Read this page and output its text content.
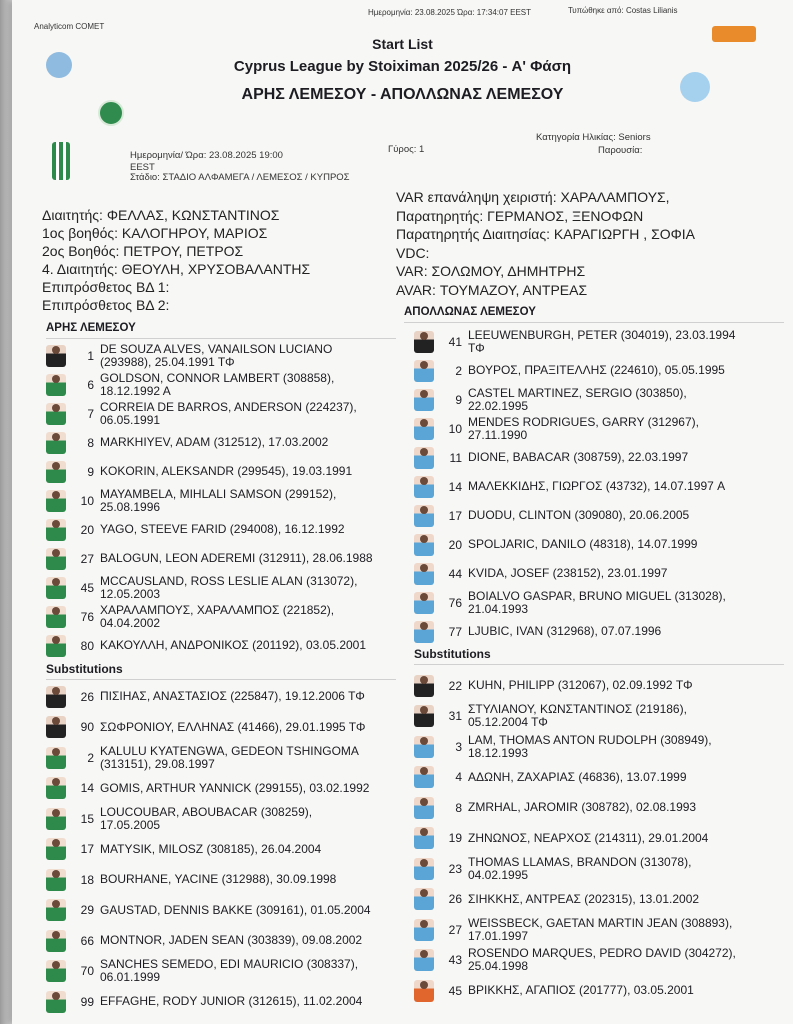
Analyticom COMET
Ημερομηνία: 23.08.2025 Ώρα: 17:34:07 EEST	Τυπώθηκε από: Costas Lilianis
Start List
Cyprus League by Stoiximan 2025/26 - Α' Φάση
ΑΡΗΣ ΛΕΜΕΣΟΥ - ΑΠΟΛΛΩΝΑΣ ΛΕΜΕΣΟΥ
Ημερομηνία/ Ώρα: 23.08.2025 19:00
EEST
Στάδιο: ΣΤΑΔΙΟ ΑΛΦΑΜΕΓΑ / ΛΕΜΕΣΟΣ / ΚΥΠΡΟΣ
Γύρος: 1
Κατηγορία Ηλικίας: Seniors
Παρουσία:
Διαιτητής: ΦΕΛΛΑΣ, ΚΩΝΣΤΑΝΤΙΝΟΣ
1ος βοηθός: ΚΑΛΟΓΗΡΟΥ, ΜΑΡΙΟΣ
2ος Βοηθός: ΠΕΤΡΟΥ, ΠΕΤΡΟΣ
4. Διαιτητής: ΘΕΟΥΛΗ, ΧΡΥΣΟΒΑΛΑΝΤΗΣ
Επιπρόσθετος ΒΔ 1:
Επιπρόσθετος ΒΔ 2:
VAR επανάληψη χειριστή: ΧΑΡΑΛΑΜΠΟΥΣ,
Παρατηρητής: ΓΕΡΜΑΝΟΣ, ΞΕΝΟΦΩΝ
Παρατηρητής Διαιτησίας: ΚΑΡΑΓΙΩΡΓΗ , ΣΟΦΙΑ
VDC:
VAR: ΣΟΛΩΜΟΥ, ΔΗΜΗΤΡΗΣ
AVAR: ΤΟΥΜΑΖΟΥ, ΑΝΤΡΕΑΣ
ΑΡΗΣ ΛΕΜΕΣΟΥ
ΑΠΟΛΛΩΝΑΣ ΛΕΜΕΣΟΥ
1 DE SOUZA ALVES, VANAILSON LUCIANO
(293988), 25.04.1991 ΤΦ
6 GOLDSON, CONNOR LAMBERT (308858),
18.12.1992 A
7 CORREIA DE BARROS, ANDERSON (224237),
06.05.1991
8 MARKHIYEV, ADAM (312512), 17.03.2002
9 KOKORIN, ALEKSANDR (299545), 19.03.1991
10 MAYAMBELA, MIHLALI SAMSON (299152),
25.08.1996
20 YAGO, STEEVE FARID (294008), 16.12.1992
27 BALOGUN, LEON ADEREMI (312911), 28.06.1988
45 MCCAUSLAND, ROSS LESLIE ALAN (313072),
12.05.2003
76 ΧΑΡΑΛΑΜΠΟΥΣ, ΧΑΡΑΛΑΜΠΟΣ (221852),
04.04.2002
80 ΚΑΚΟΥΛΛΗ, ΑΝΔΡΟΝΙΚΟΣ (201192), 03.05.2001
41 LEEUWENBURGH, PETER (304019), 23.03.1994
ΤΦ
2 ΒΟΥΡΟΣ, ΠΡΑΞΙΤΕΛΛΗΣ (224610), 05.05.1995
9 CASTEL MARTINEZ, SERGIO (303850),
22.02.1995
10 MENDES RODRIGUES, GARRY (312967),
27.11.1990
11 DIONE, BABACAR (308759), 22.03.1997
14 ΜΑΛΕΚΚΙΔΗΣ, ΓΙΩΡΓΟΣ (43732), 14.07.1997 A
17 DUODU, CLINTON (309080), 20.06.2005
20 SPOLJARIC, DANILO (48318), 14.07.1999
44 KVIDA, JOSEF (238152), 23.01.1997
76 BOIALVO GASPAR, BRUNO MIGUEL (313028),
21.04.1993
77 LJUBIC, IVAN (312968), 07.07.1996
Substitutions
Substitutions
26 ΠΙΣΙΗΑΣ, ΑΝΑΣΤΑΣΙΟΣ (225847), 19.12.2006 ΤΦ
90 ΣΩΦΡΟΝΙΟΥ, ΕΛΛΗΝΑΣ (41466), 29.01.1995 ΤΦ
2 KALULU KYATENGWA, GEDEON TSHINGOMA
(313151), 29.08.1997
14 GOMIS, ARTHUR YANNICK (299155), 03.02.1992
15 LOUCOUBAR, ABOUBACAR (308259),
17.05.2005
17 MATYSIK, MILOSZ (308185), 26.04.2004
18 BOURHANE, YACINE (312988), 30.09.1998
29 GAUSTAD, DENNIS BAKKE (309161), 01.05.2004
66 MONTNOR, JADEN SEAN (303839), 09.08.2002
70 SANCHES SEMEDO, EDI MAURICIO (308337),
06.01.1999
99 EFFAGHE, RODY JUNIOR (312615), 11.02.2004
22 KUHN, PHILIPP (312067), 02.09.1992 ΤΦ
31 ΣΤΥΛΙΑΝΟΥ, ΚΩΝΣΤΑΝΤΙΝΟΣ (219186),
05.12.2004 ΤΦ
3 LAM, THOMAS ANTON RUDOLPH (308949),
18.12.1993
4 ΑΔΩΝΗ, ΖΑΧΑΡΙΑΣ (46836), 13.07.1999
8 ZMRHAL, JAROMIR (308782), 02.08.1993
19 ΖΗΝΩΝΟΣ, ΝΕΑΡΧΟΣ (214311), 29.01.2004
23 THOMAS LLAMAS, BRANDON (313078),
04.02.1995
26 ΣΙΗΚΚΗΣ, ΑΝΤΡΕΑΣ (202315), 13.01.2002
27 WEISSBECK, GAETAN MARTIN JEAN (308893),
17.01.1997
43 ROSENDO MARQUES, PEDRO DAVID (304272),
25.04.1998
45 ΒΡΙΚΚΗΣ, ΑΓΑΠΙΟΣ (201777), 03.05.2001
